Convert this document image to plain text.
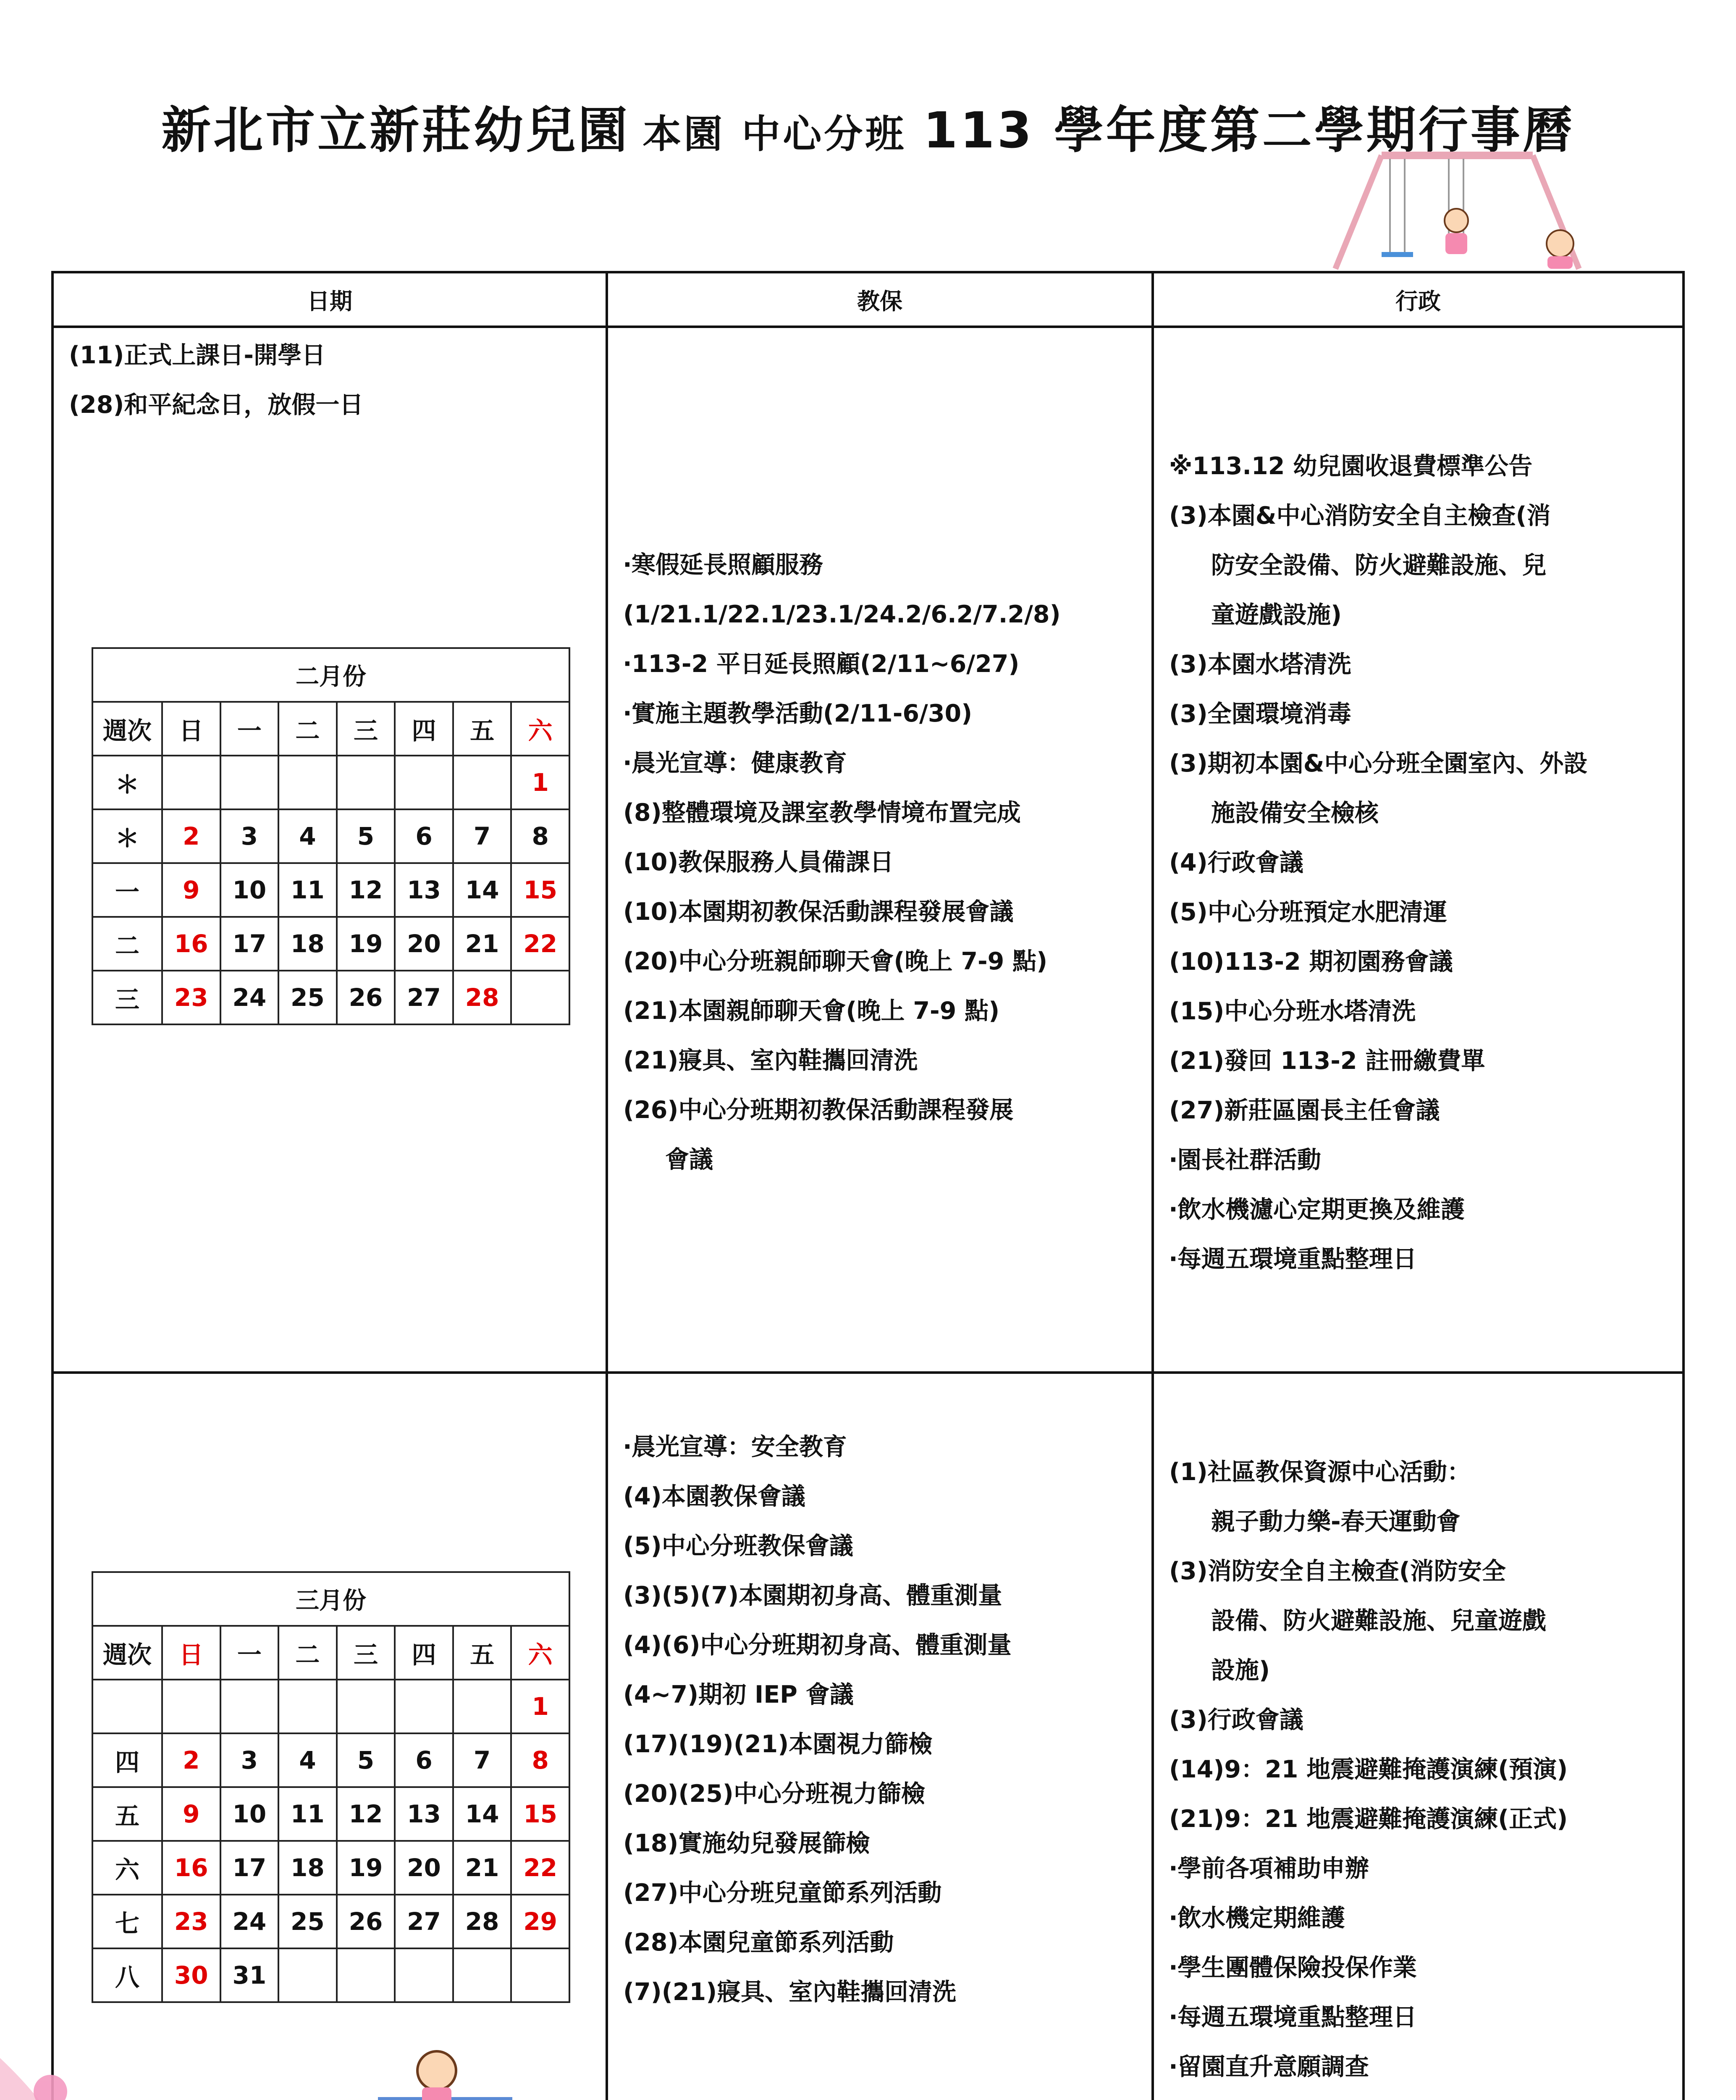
新北市立新莊幼兒園 本園 中心分班 113 學年度第二學期行事曆
日期	教保	行政

(11)正式上課日-開學日
(28)和平紀念日，放假一日
二月份
週次	日	一	二	三	四	五	六
＊							1
＊	2	3	4	5	6	7	8
一	9	10	11	12	13	14	15
二	16	17	18	19	20	21	22
三	23	24	25	26	27	28	

‧寒假延長照顧服務
(1/21.1/22.1/23.1/24.2/6.2/7.2/8)
‧113-2 平日延長照顧(2/11~6/27)
‧實施主題教學活動(2/11-6/30)
‧晨光宣導：健康教育
(8)整體環境及課室教學情境布置完成
(10)教保服務人員備課日
(10)本園期初教保活動課程發展會議
(20)中心分班親師聊天會(晚上 7-9 點)
(21)本園親師聊天會(晚上 7-9 點)
(21)寢具、室內鞋攜回清洗
(26)中心分班期初教保活動課程發展
會議

※113.12 幼兒園收退費標準公告
(3)本園&中心消防安全自主檢查(消
防安全設備、防火避難設施、兒
童遊戲設施)
(3)本園水塔清洗
(3)全園環境消毒
(3)期初本園&中心分班全園室內、外設
施設備安全檢核
(4)行政會議
(5)中心分班預定水肥清運
(10)113-2 期初園務會議
(15)中心分班水塔清洗
(21)發回 113-2 註冊繳費單
(27)新莊區園長主任會議
‧園長社群活動
‧飲水機濾心定期更換及維護
‧每週五環境重點整理日

三月份
週次	日	一	二	三	四	五	六
							1
四	2	3	4	5	6	7	8
五	9	10	11	12	13	14	15
六	16	17	18	19	20	21	22
七	23	24	25	26	27	28	29
八	30	31					

‧晨光宣導：安全教育
(4)本園教保會議
(5)中心分班教保會議
(3)(5)(7)本園期初身高、體重測量
(4)(6)中心分班期初身高、體重測量
(4~7)期初 IEP 會議
(17)(19)(21)本園視力篩檢
(20)(25)中心分班視力篩檢
(18)實施幼兒發展篩檢
(27)中心分班兒童節系列活動
(28)本園兒童節系列活動
(7)(21)寢具、室內鞋攜回清洗

(1)社區教保資源中心活動：
親子動力樂-春天運動會
(3)消防安全自主檢查(消防安全
設備、防火避難設施、兒童遊戲
設施)
(3)行政會議
(14)9：21 地震避難掩護演練(預演)
(21)9：21 地震避難掩護演練(正式)
‧學前各項補助申辦
‧飲水機定期維護
‧學生團體保險投保作業
‧每週五環境重點整理日
‧留園直升意願調查
